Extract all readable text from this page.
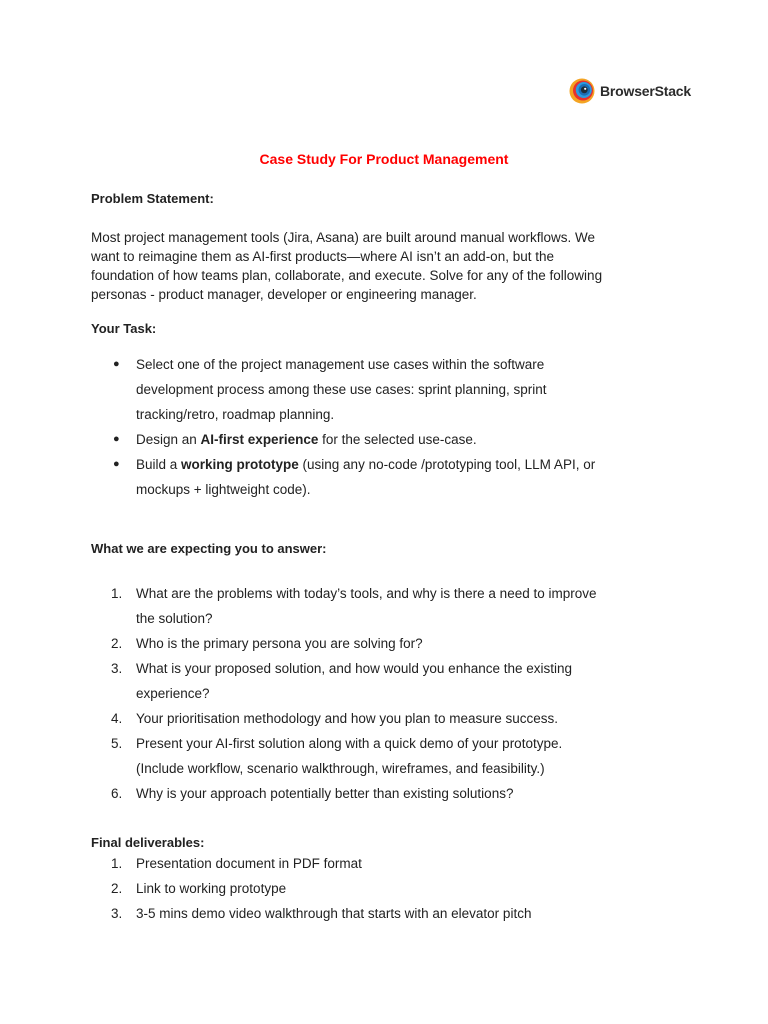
BrowserStack
Case Study For Product Management
Problem Statement:
Most project management tools (Jira, Asana) are built around manual workflows. We
want to reimagine them as AI-first products—where AI isn’t an add-on, but the
foundation of how teams plan, collaborate, and execute. Solve for any of the following
personas - product manager, developer or engineering manager.
Your Task:
● Select one of the project management use cases within the software
development process among these use cases: sprint planning, sprint
tracking/retro, roadmap planning.
● Design an AI-first experience for the selected use-case.
● Build a working prototype (using any no-code /prototyping tool, LLM API, or
mockups + lightweight code).
What we are expecting you to answer:
1. What are the problems with today’s tools, and why is there a need to improve
the solution?
2. Who is the primary persona you are solving for?
3. What is your proposed solution, and how would you enhance the existing
experience?
4. Your prioritisation methodology and how you plan to measure success.
5. Present your AI-first solution along with a quick demo of your prototype.
(Include workflow, scenario walkthrough, wireframes, and feasibility.)
6. Why is your approach potentially better than existing solutions?
Final deliverables:
1. Presentation document in PDF format
2. Link to working prototype
3. 3-5 mins demo video walkthrough that starts with an elevator pitch
